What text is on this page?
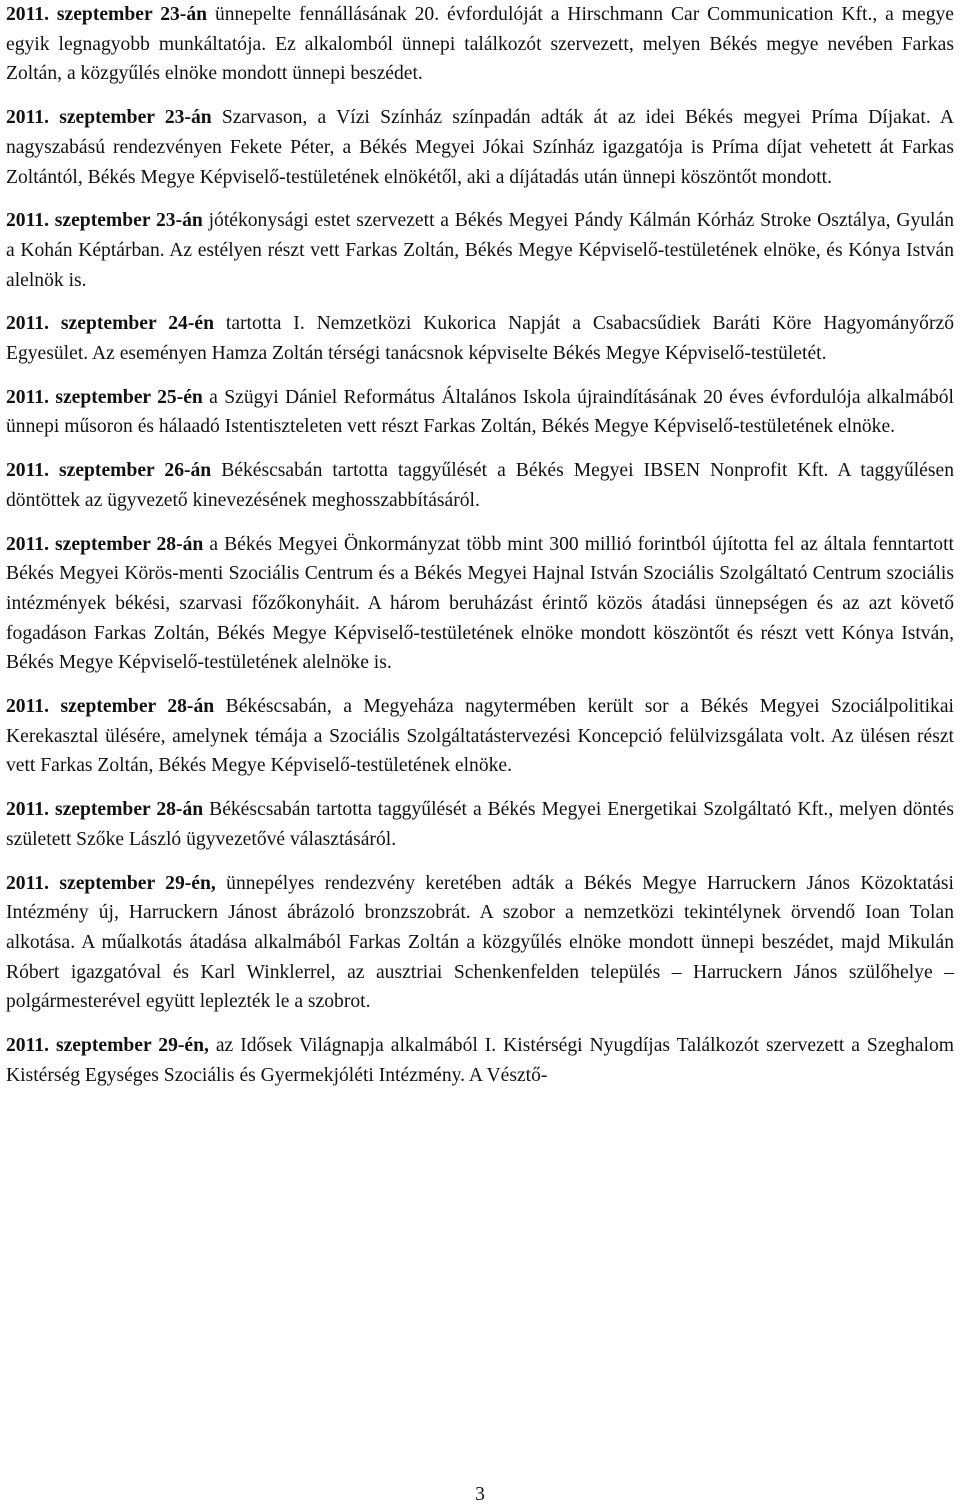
2011. szeptember 23-án ünnepelte fennállásának 20. évfordulóját a Hirschmann Car Communication Kft., a megye egyik legnagyobb munkáltatója. Ez alkalomból ünnepi találkozót szervezett, melyen Békés megye nevében Farkas Zoltán, a közgyűlés elnöke mondott ünnepi beszédet.

2011. szeptember 23-án Szarvason, a Vízi Színház színpadán adták át az idei Békés megyei Príma Díjakat. A nagyszabású rendezvényen Fekete Péter, a Békés Megyei Jókai Színház igazgatója is Príma díjat vehetett át Farkas Zoltántól, Békés Megye Képviselő-testületének elnökétől, aki a díjátadás után ünnepi köszöntőt mondott.

2011. szeptember 23-án jótékonysági estet szervezett a Békés Megyei Pándy Kálmán Kórház Stroke Osztálya, Gyulán a Kohán Képtárban. Az estélyen részt vett Farkas Zoltán, Békés Megye Képviselő-testületének elnöke, és Kónya István alelnök is.

2011. szeptember 24-én tartotta I. Nemzetközi Kukorica Napját a Csabacsűdiek Baráti Köre Hagyományőrző Egyesület. Az eseményen Hamza Zoltán térségi tanácsnok képviselte Békés Megye Képviselő-testületét.

2011. szeptember 25-én a Szügyi Dániel Református Általános Iskola újraindításának 20 éves évfordulója alkalmából ünnepi műsoron és hálaadó Istentiszteleten vett részt Farkas Zoltán, Békés Megye Képviselő-testületének elnöke.

2011. szeptember 26-án Békéscsabán tartotta taggyűlését a Békés Megyei IBSEN Nonprofit Kft. A taggyűlésen döntöttek az ügyvezető kinevezésének meghosszabbításáról.

2011. szeptember 28-án a Békés Megyei Önkormányzat több mint 300 millió forintból újította fel az általa fenntartott Békés Megyei Körös-menti Szociális Centrum és a Békés Megyei Hajnal István Szociális Szolgáltató Centrum szociális intézmények békési, szarvasi főzőkonyháit. A három beruházást érintő közös átadási ünnepségen és az azt követő fogadáson Farkas Zoltán, Békés Megye Képviselő-testületének elnöke mondott köszöntőt és részt vett Kónya István, Békés Megye Képviselő-testületének alelnöke is.

2011. szeptember 28-án Békéscsabán, a Megyeháza nagytermében került sor a Békés Megyei Szociálpolitikai Kerekasztal ülésére, amelynek témája a Szociális Szolgáltatástervezési Koncepció felülvizsgálata volt. Az ülésen részt vett Farkas Zoltán, Békés Megye Képviselő-testületének elnöke.

2011. szeptember 28-án Békéscsabán tartotta taggyűlését a Békés Megyei Energetikai Szolgáltató Kft., melyen döntés született Szőke László ügyvezetővé választásáról.

2011. szeptember 29-én, ünnepélyes rendezvény keretében adták a Békés Megye Harruckern János Közoktatási Intézmény új, Harruckern Jánost ábrázoló bronzszobrát. A szobor a nemzetközi tekintélynek örvendő Ioan Tolan alkotása. A műalkotás átadása alkalmából Farkas Zoltán a közgyűlés elnöke mondott ünnepi beszédet, majd Mikulán Róbert igazgatóval és Karl Winklerrel, az ausztriai Schenkenfelden település – Harruckern János szülőhelye – polgármesterével együtt leplezték le a szobrot.

2011. szeptember 29-én, az Idősek Világnapja alkalmából I. Kistérségi Nyugdíjas Találkozót szervezett a Szeghalom Kistérség Egységes Szociális és Gyermekjóléti Intézmény. A Vésztő-

3
